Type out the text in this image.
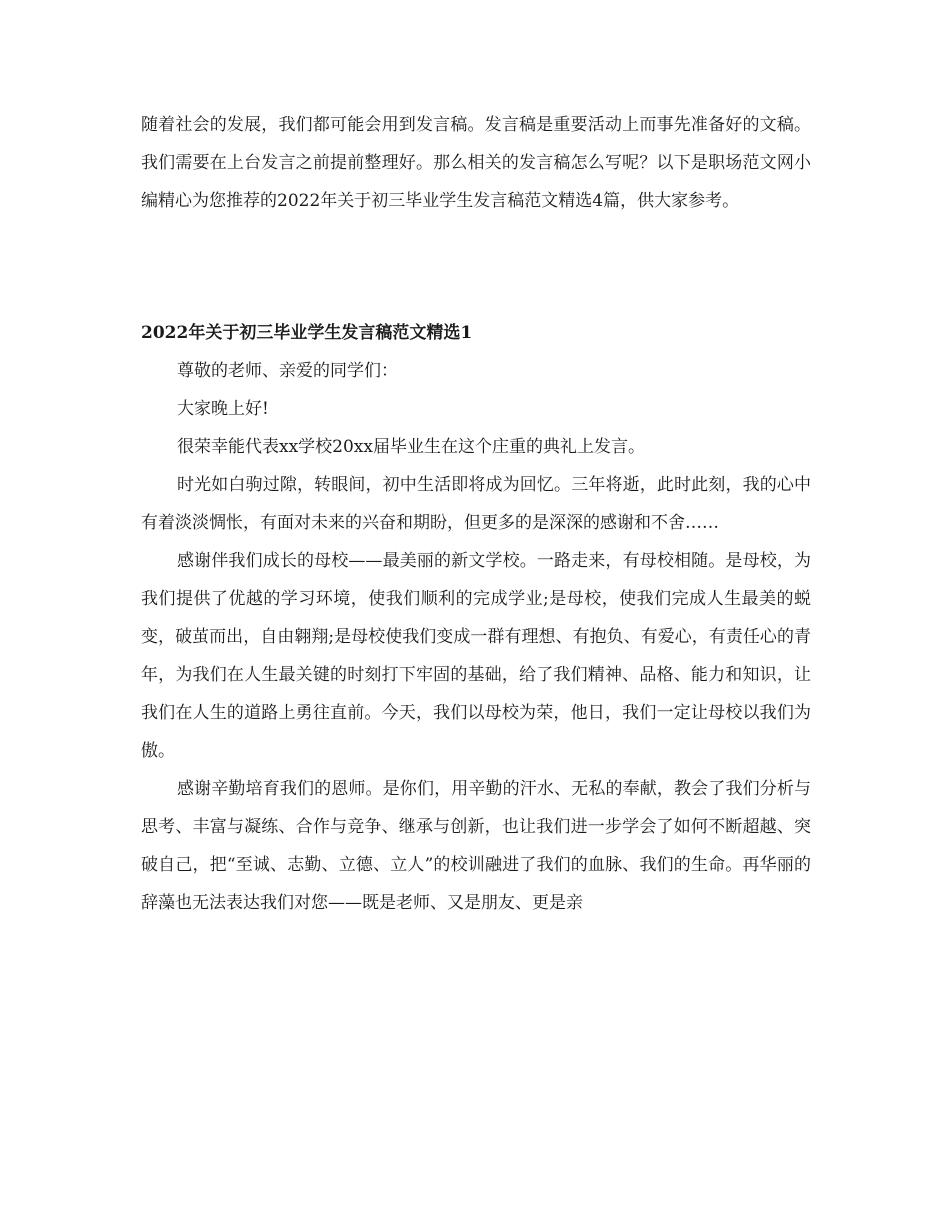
随着社会的发展，我们都可能会用到发言稿。发言稿是重要活动上而事先准备好的文稿。我们需要在上台发言之前提前整理好。那么相关的发言稿怎么写呢？以下是职场范文网小编精心为您推荐的2022年关于初三毕业学生发言稿范文精选4篇，供大家参考。

2022年关于初三毕业学生发言稿范文精选1

尊敬的老师、亲爱的同学们：

大家晚上好!

很荣幸能代表xx学校20xx届毕业生在这个庄重的典礼上发言。

时光如白驹过隙，转眼间，初中生活即将成为回忆。三年将逝，此时此刻，我的心中有着淡淡惆怅，有面对未来的兴奋和期盼，但更多的是深深的感谢和不舍……

感谢伴我们成长的母校——最美丽的新文学校。一路走来，有母校相随。是母校，为我们提供了优越的学习环境，使我们顺利的完成学业;是母校，使我们完成人生最美的蜕变，破茧而出，自由翱翔;是母校使我们变成一群有理想、有抱负、有爱心，有责任心的青年，为我们在人生最关键的时刻打下牢固的基础，给了我们精神、品格、能力和知识，让我们在人生的道路上勇往直前。今天，我们以母校为荣，他日，我们一定让母校以我们为傲。

感谢辛勤培育我们的恩师。是你们，用辛勤的汗水、无私的奉献，教会了我们分析与思考、丰富与凝练、合作与竞争、继承与创新，也让我们进一步学会了如何不断超越、突破自己，把“至诚、志勤、立德、立人”的校训融进了我们的血脉、我们的生命。再华丽的辞藻也无法表达我们对您——既是老师、又是朋友、更是亲
